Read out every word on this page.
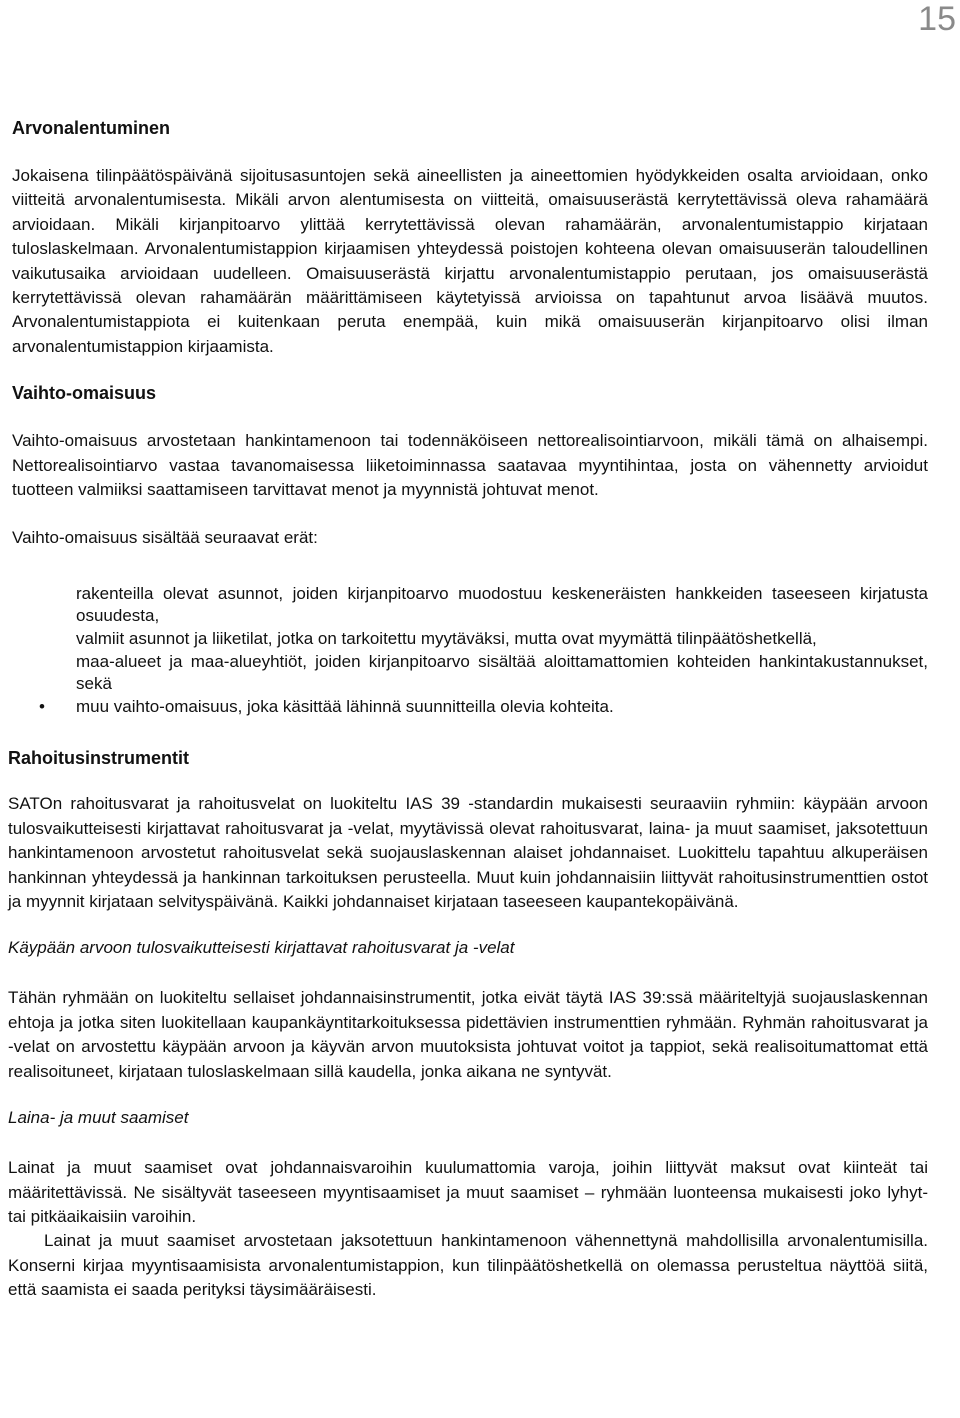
15
Arvonalentuminen

Jokaisena tilinpäätöspäivänä sijoitusasuntojen sekä aineellisten ja aineettomien hyödykkeiden osalta arvioidaan, onko viitteitä arvonalentumisesta. Mikäli arvon alentumisesta on viitteitä, omaisuuserästä kerrytettävissä oleva rahamäärä arvioidaan. Mikäli kirjanpitoarvo ylittää kerrytettävissä olevan rahamäärän, arvonalentumistappio kirjataan tuloslaskelmaan. Arvonalentumistappion kirjaamisen yhteydessä poistojen kohteena olevan omaisuuserän taloudellinen vaikutusaika arvioidaan uudelleen. Omaisuuserästä kirjattu arvonalentumistappio perutaan, jos omaisuuserästä kerrytettävissä olevan rahamäärän määrittämiseen käytetyissä arvioissa on tapahtunut arvoa lisäävä muutos. Arvonalentumistappiota ei kuitenkaan peruta enempää, kuin mikä omaisuuserän kirjanpitoarvo olisi ilman arvonalentumistappion kirjaamista.

Vaihto-omaisuus

Vaihto-omaisuus arvostetaan hankintamenoon tai todennäköiseen nettorealisointiarvoon, mikäli tämä on alhaisempi. Nettorealisointiarvo vastaa tavanomaisessa liiketoiminnassa saatavaa myyntihintaa, josta on vähennetty arvioidut tuotteen valmiiksi saattamiseen tarvittavat menot ja myynnistä johtuvat menot.

Vaihto-omaisuus sisältää seuraavat erät:

rakenteilla olevat asunnot, joiden kirjanpitoarvo muodostuu keskeneräisten hankkeiden taseeseen kirjatusta osuudesta,
valmiit asunnot ja liiketilat, jotka on tarkoitettu myytäväksi, mutta ovat myymättä tilinpäätöshetkellä,
maa-alueet ja maa-alueyhtiöt, joiden kirjanpitoarvo sisältää aloittamattomien kohteiden hankintakustannukset, sekä
• muu vaihto-omaisuus, joka käsittää lähinnä suunnitteilla olevia kohteita.
Rahoitusinstrumentit

SATOn rahoitusvarat ja rahoitusvelat on luokiteltu IAS 39 -standardin mukaisesti seuraaviin ryhmiin: käypään arvoon tulosvaikutteisesti kirjattavat rahoitusvarat ja -velat, myytävissä olevat rahoitusvarat, laina- ja muut saamiset, jaksotettuun hankintamenoon arvostetut rahoitusvelat sekä suojauslaskennan alaiset johdannaiset. Luokittelu tapahtuu alkuperäisen hankinnan yhteydessä ja hankinnan tarkoituksen perusteella. Muut kuin johdannaisiin liittyvät rahoitusinstrumenttien ostot ja myynnit kirjataan selvityspäivänä. Kaikki johdannaiset kirjataan taseeseen kaupantekopäivänä.

Käypään arvoon tulosvaikutteisesti kirjattavat rahoitusvarat ja -velat

Tähän ryhmään on luokiteltu sellaiset johdannaisinstrumentit, jotka eivät täytä IAS 39:ssä määriteltyjä suojauslaskennan ehtoja ja jotka siten luokitellaan kaupankäyntitarkoituksessa pidettävien instrumenttien ryhmään. Ryhmän rahoitusvarat ja -velat on arvostettu käypään arvoon ja käyvän arvon muutoksista johtuvat voitot ja tappiot, sekä realisoitumattomat että realisoituneet, kirjataan tuloslaskelmaan sillä kaudella, jonka aikana ne syntyvät.

Laina- ja muut saamiset

Lainat ja muut saamiset ovat johdannaisvaroihin kuulumattomia varoja, joihin liittyvät maksut ovat kiinteät tai määritettävissä. Ne sisältyvät taseeseen myyntisaamiset ja muut saamiset – ryhmään luonteensa mukaisesti joko lyhyt- tai pitkäaikaisiin varoihin.

Lainat ja muut saamiset arvostetaan jaksotettuun hankintamenoon vähennettynä mahdollisilla arvonalentumisilla. Konserni kirjaa myyntisaamisista arvonalentumistappion, kun tilinpäätöshetkellä on olemassa perusteltua näyttöä siitä, että saamista ei saada perityksi täysimääräisesti.
